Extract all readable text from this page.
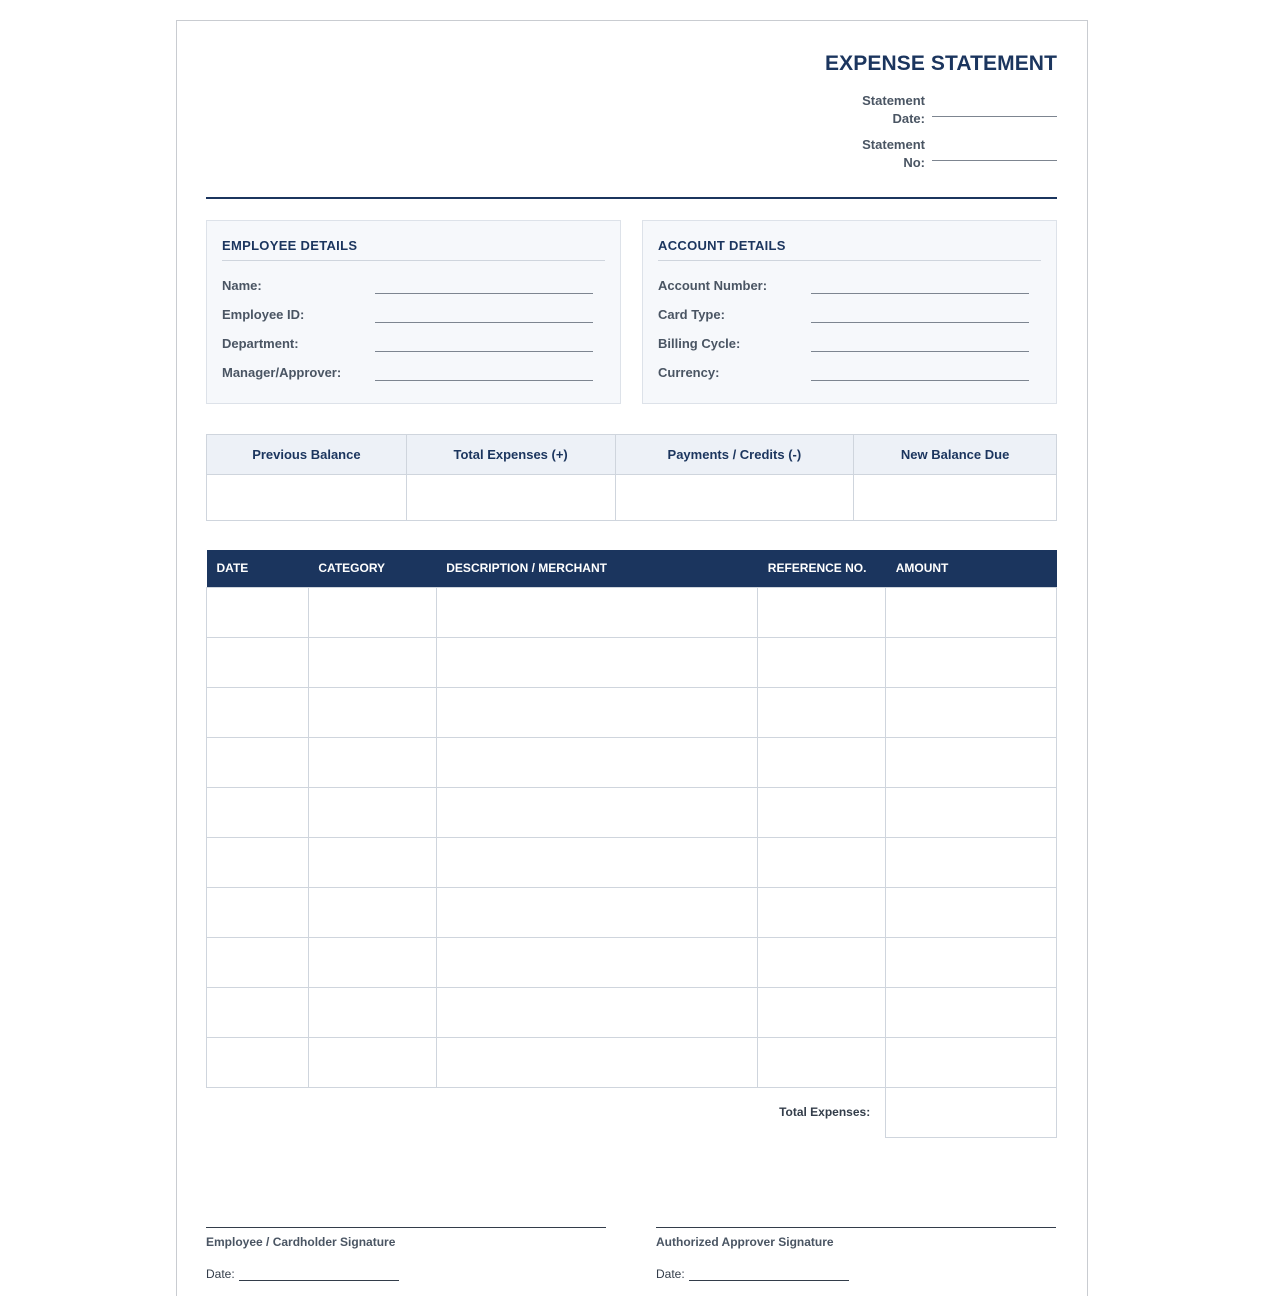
EXPENSE STATEMENT
Statement
Date:
Statement
No:
EMPLOYEE DETAILS
Name:
Employee ID:
Department:
Manager/Approver:
ACCOUNT DETAILS
Account Number:
Card Type:
Billing Cycle:
Currency:
Previous Balance	Total Expenses (+)	Payments / Credits (-)	New Balance Due

DATE	CATEGORY	DESCRIPTION / MERCHANT	REFERENCE NO.	AMOUNT

			Total Expenses:	
Employee / Cardholder Signature
Date:
Authorized Approver Signature
Date:
